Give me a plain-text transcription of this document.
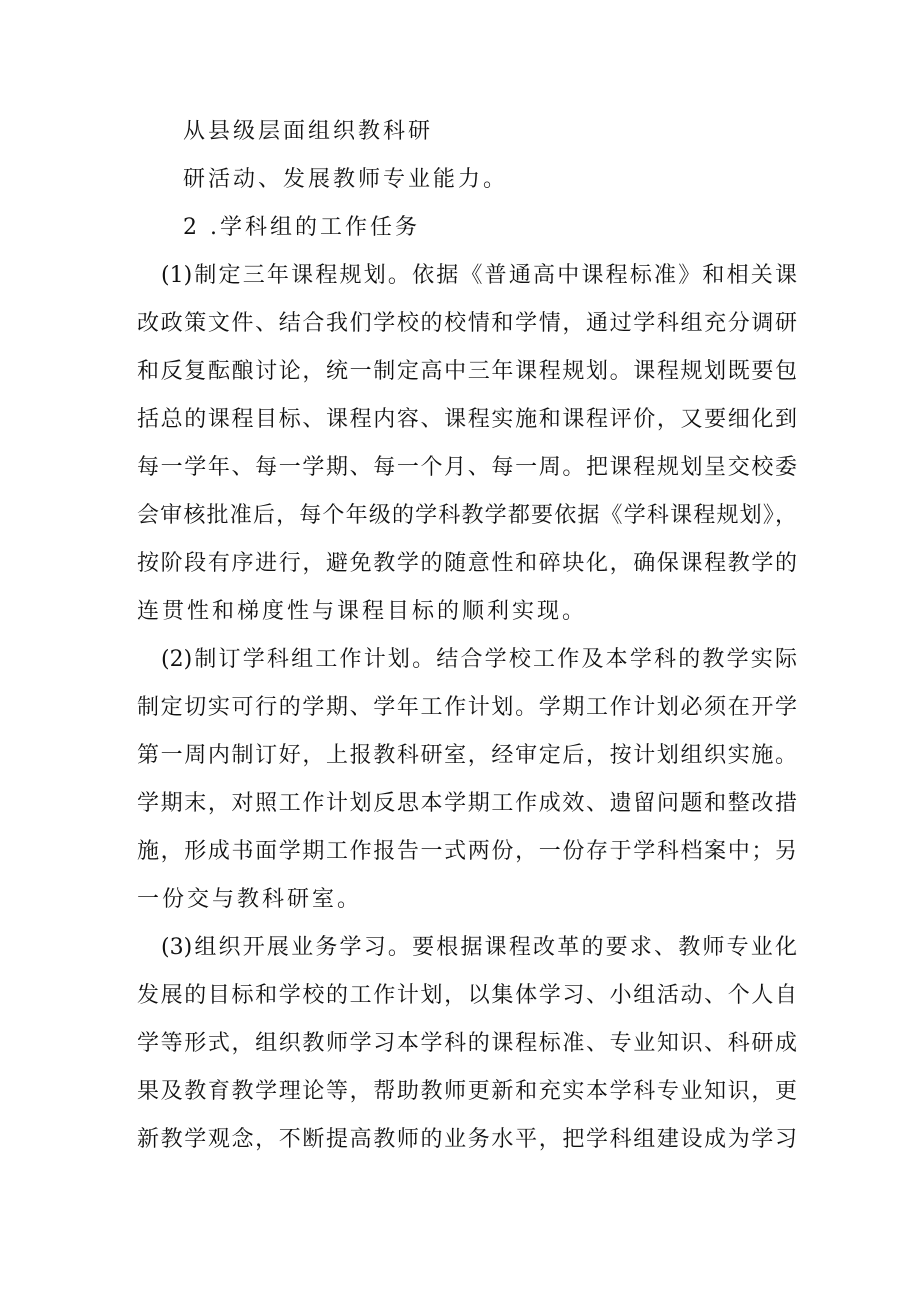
从县级层面组织教科研
研活动、发展教师专业能力。
2 .学科组的工作任务
(1)制定三年课程规划。依据《普通高中课程标准》和相关课
改政策文件、结合我们学校的校情和学情，通过学科组充分调研
和反复酝酿讨论，统一制定高中三年课程规划。课程规划既要包
括总的课程目标、课程内容、课程实施和课程评价，又要细化到
每一学年、每一学期、每一个月、每一周。把课程规划呈交校委
会审核批准后，每个年级的学科教学都要依据《学科课程规划》，
按阶段有序进行，避免教学的随意性和碎块化，确保课程教学的
连贯性和梯度性与课程目标的顺利实现。
(2)制订学科组工作计划。结合学校工作及本学科的教学实际
制定切实可行的学期、学年工作计划。学期工作计划必须在开学
第一周内制订好，上报教科研室，经审定后，按计划组织实施。
学期末，对照工作计划反思本学期工作成效、遗留问题和整改措
施，形成书面学期工作报告一式两份，一份存于学科档案中；另
一份交与教科研室。
(3)组织开展业务学习。要根据课程改革的要求、教师专业化
发展的目标和学校的工作计划，以集体学习、小组活动、个人自
学等形式，组织教师学习本学科的课程标准、专业知识、科研成
果及教育教学理论等，帮助教师更新和充实本学科专业知识，更
新教学观念，不断提高教师的业务水平，把学科组建设成为学习
